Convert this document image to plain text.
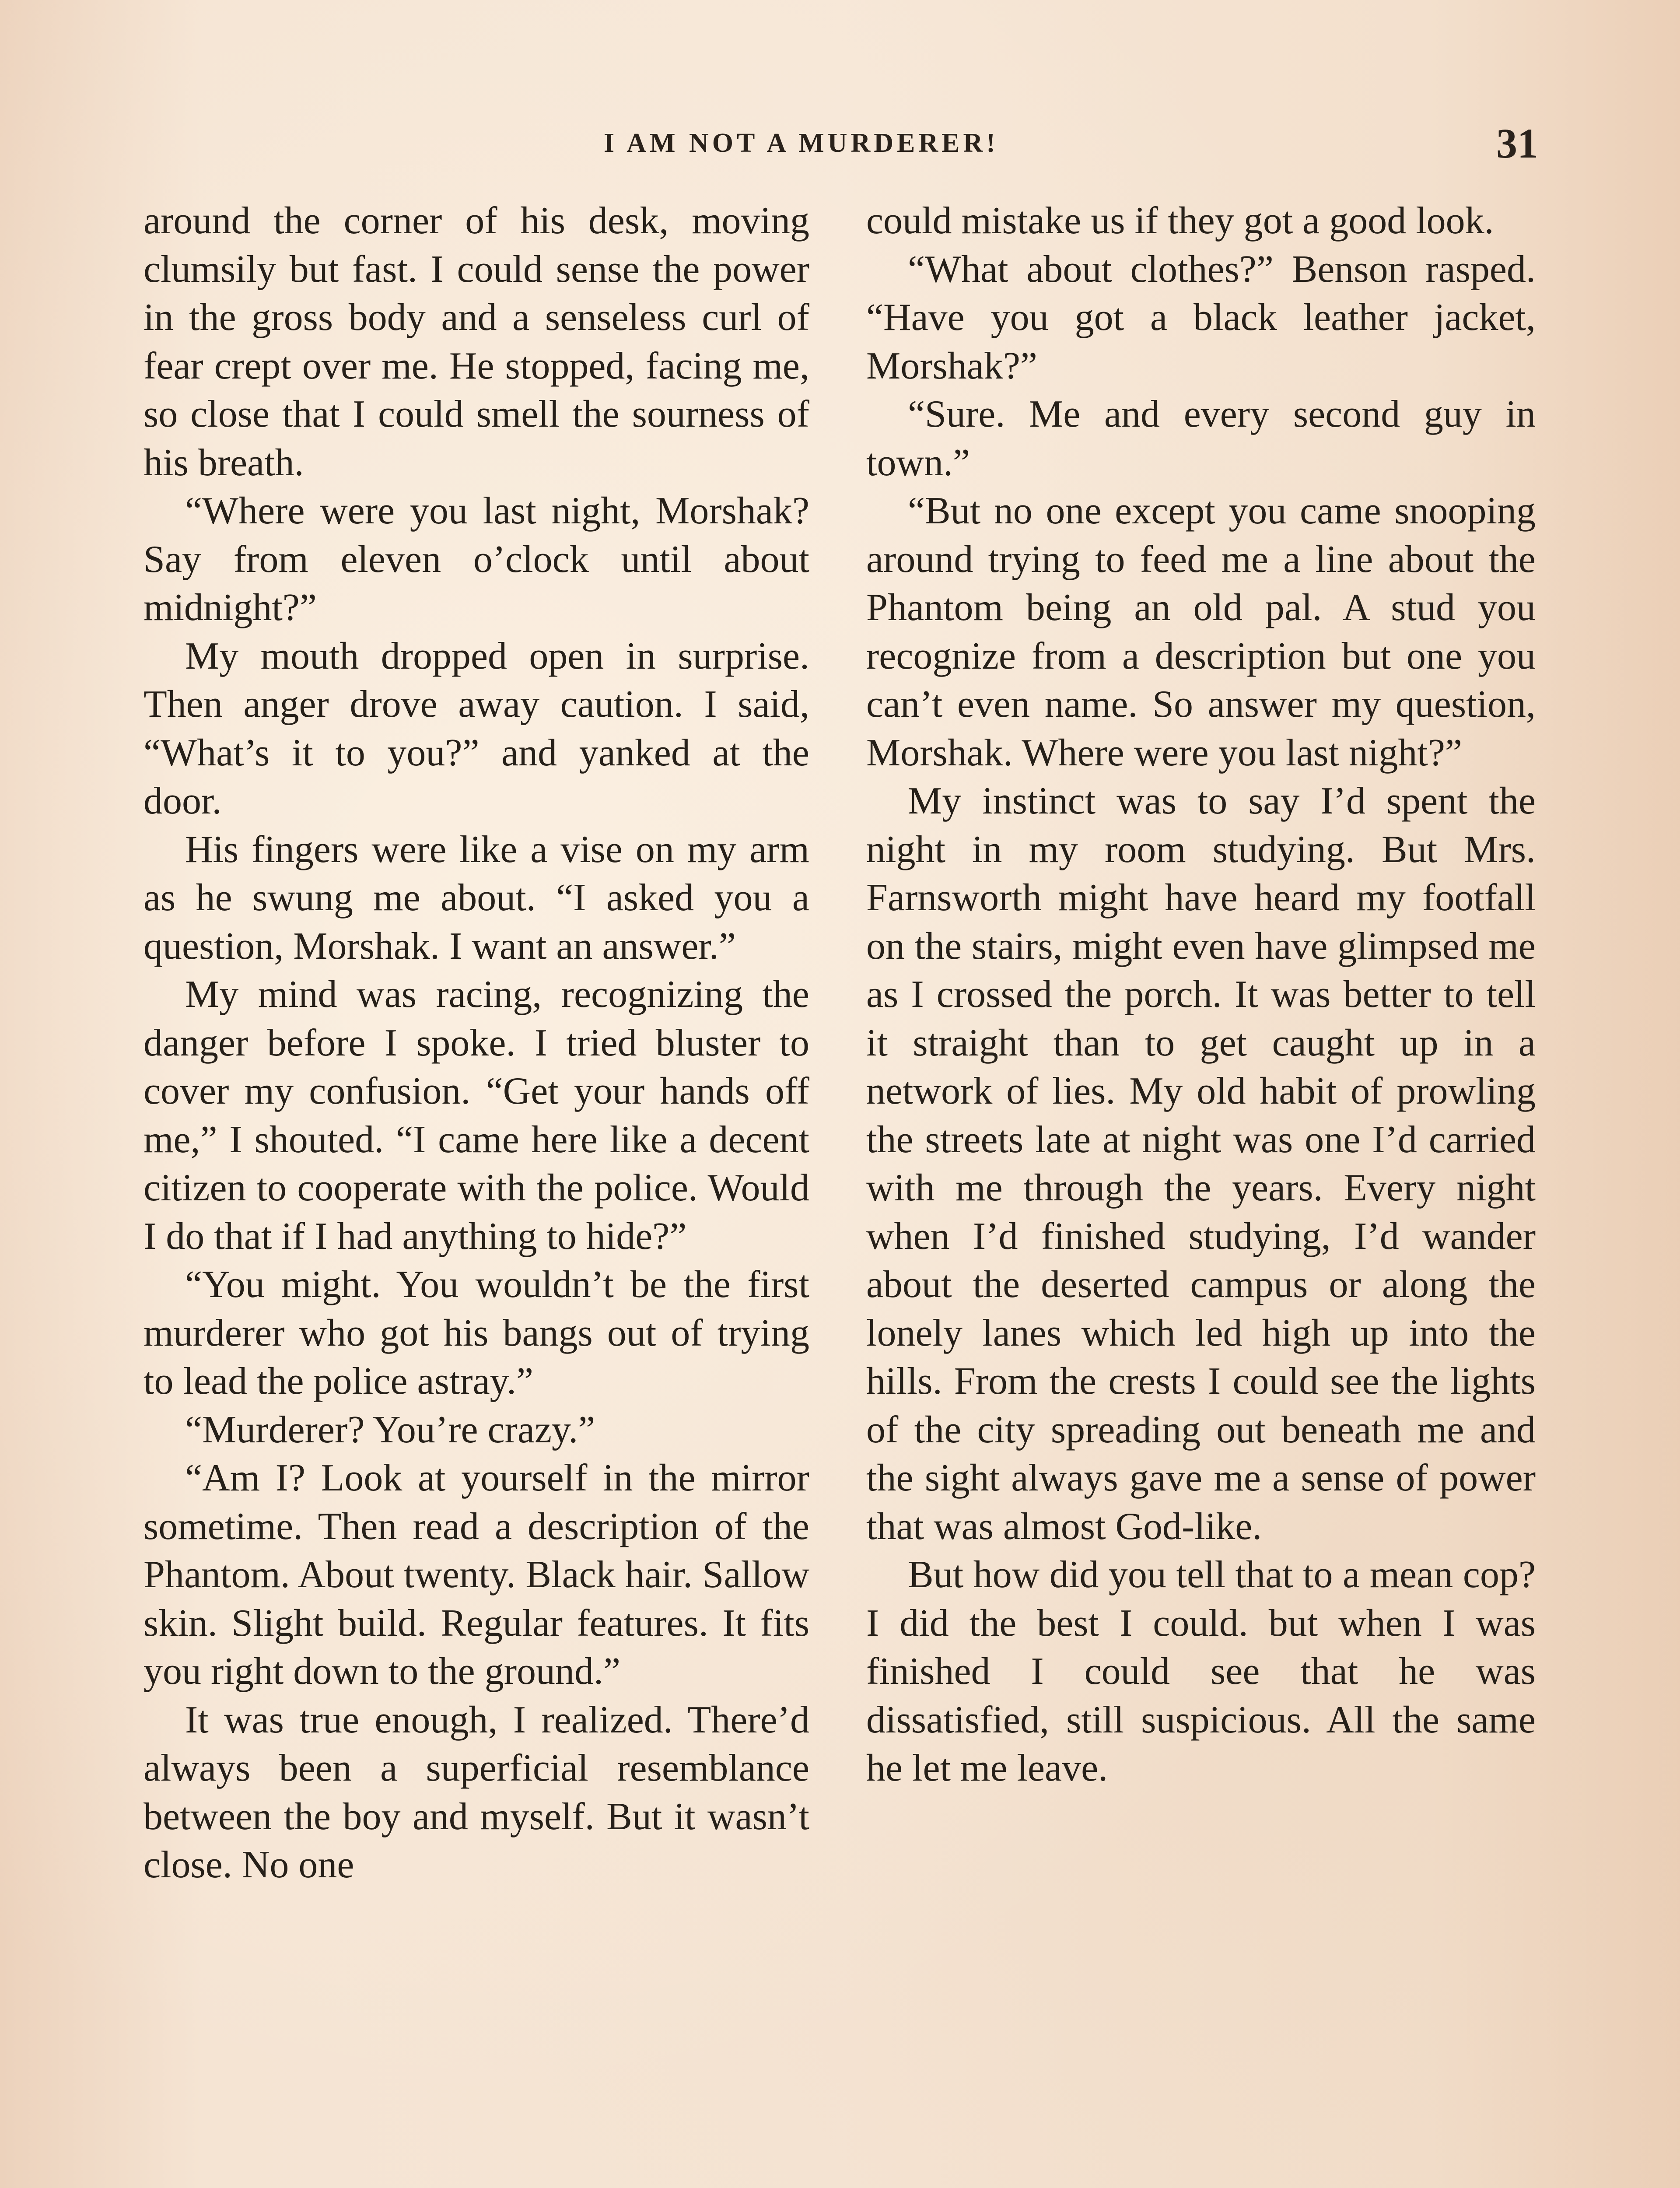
I AM NOT A MURDERER!	31

around the corner of his desk, moving clumsily but fast. I could sense the power in the gross body and a senseless curl of fear crept over me. He stopped, facing me, so close that I could smell the sourness of his breath.

“Where were you last night, Morshak? Say from eleven o’clock until about midnight?”

My mouth dropped open in surprise. Then anger drove away caution. I said, “What’s it to you?” and yanked at the door.

His fingers were like a vise on my arm as he swung me about. “I asked you a question, Morshak. I want an answer.”

My mind was racing, recognizing the danger before I spoke. I tried bluster to cover my confusion. “Get your hands off me,” I shouted. “I came here like a decent citizen to cooperate with the police. Would I do that if I had anything to hide?”

“You might. You wouldn’t be the first murderer who got his bangs out of trying to lead the police astray.”

“Murderer? You’re crazy.”

“Am I? Look at yourself in the mirror sometime. Then read a description of the Phantom. About twenty. Black hair. Sallow skin. Slight build. Regular features. It fits you right down to the ground.”

It was true enough, I realized. There’d always been a superficial resemblance between the boy and myself. But it wasn’t close. No one

could mistake us if they got a good look.

“What about clothes?” Benson rasped. “Have you got a black leather jacket, Morshak?”

“Sure. Me and every second guy in town.”

“But no one except you came snooping around trying to feed me a line about the Phantom being an old pal. A stud you recognize from a description but one you can’t even name. So answer my question, Morshak. Where were you last night?”

My instinct was to say I’d spent the night in my room studying. But Mrs. Farnsworth might have heard my footfall on the stairs, might even have glimpsed me as I crossed the porch. It was better to tell it straight than to get caught up in a network of lies. My old habit of prowling the streets late at night was one I’d carried with me through the years. Every night when I’d finished studying, I’d wander about the deserted campus or along the lonely lanes which led high up into the hills. From the crests I could see the lights of the city spreading out beneath me and the sight always gave me a sense of power that was almost God-like.

But how did you tell that to a mean cop? I did the best I could. but when I was finished I could see that he was dissatisfied, still suspicious. All the same he let me leave.
